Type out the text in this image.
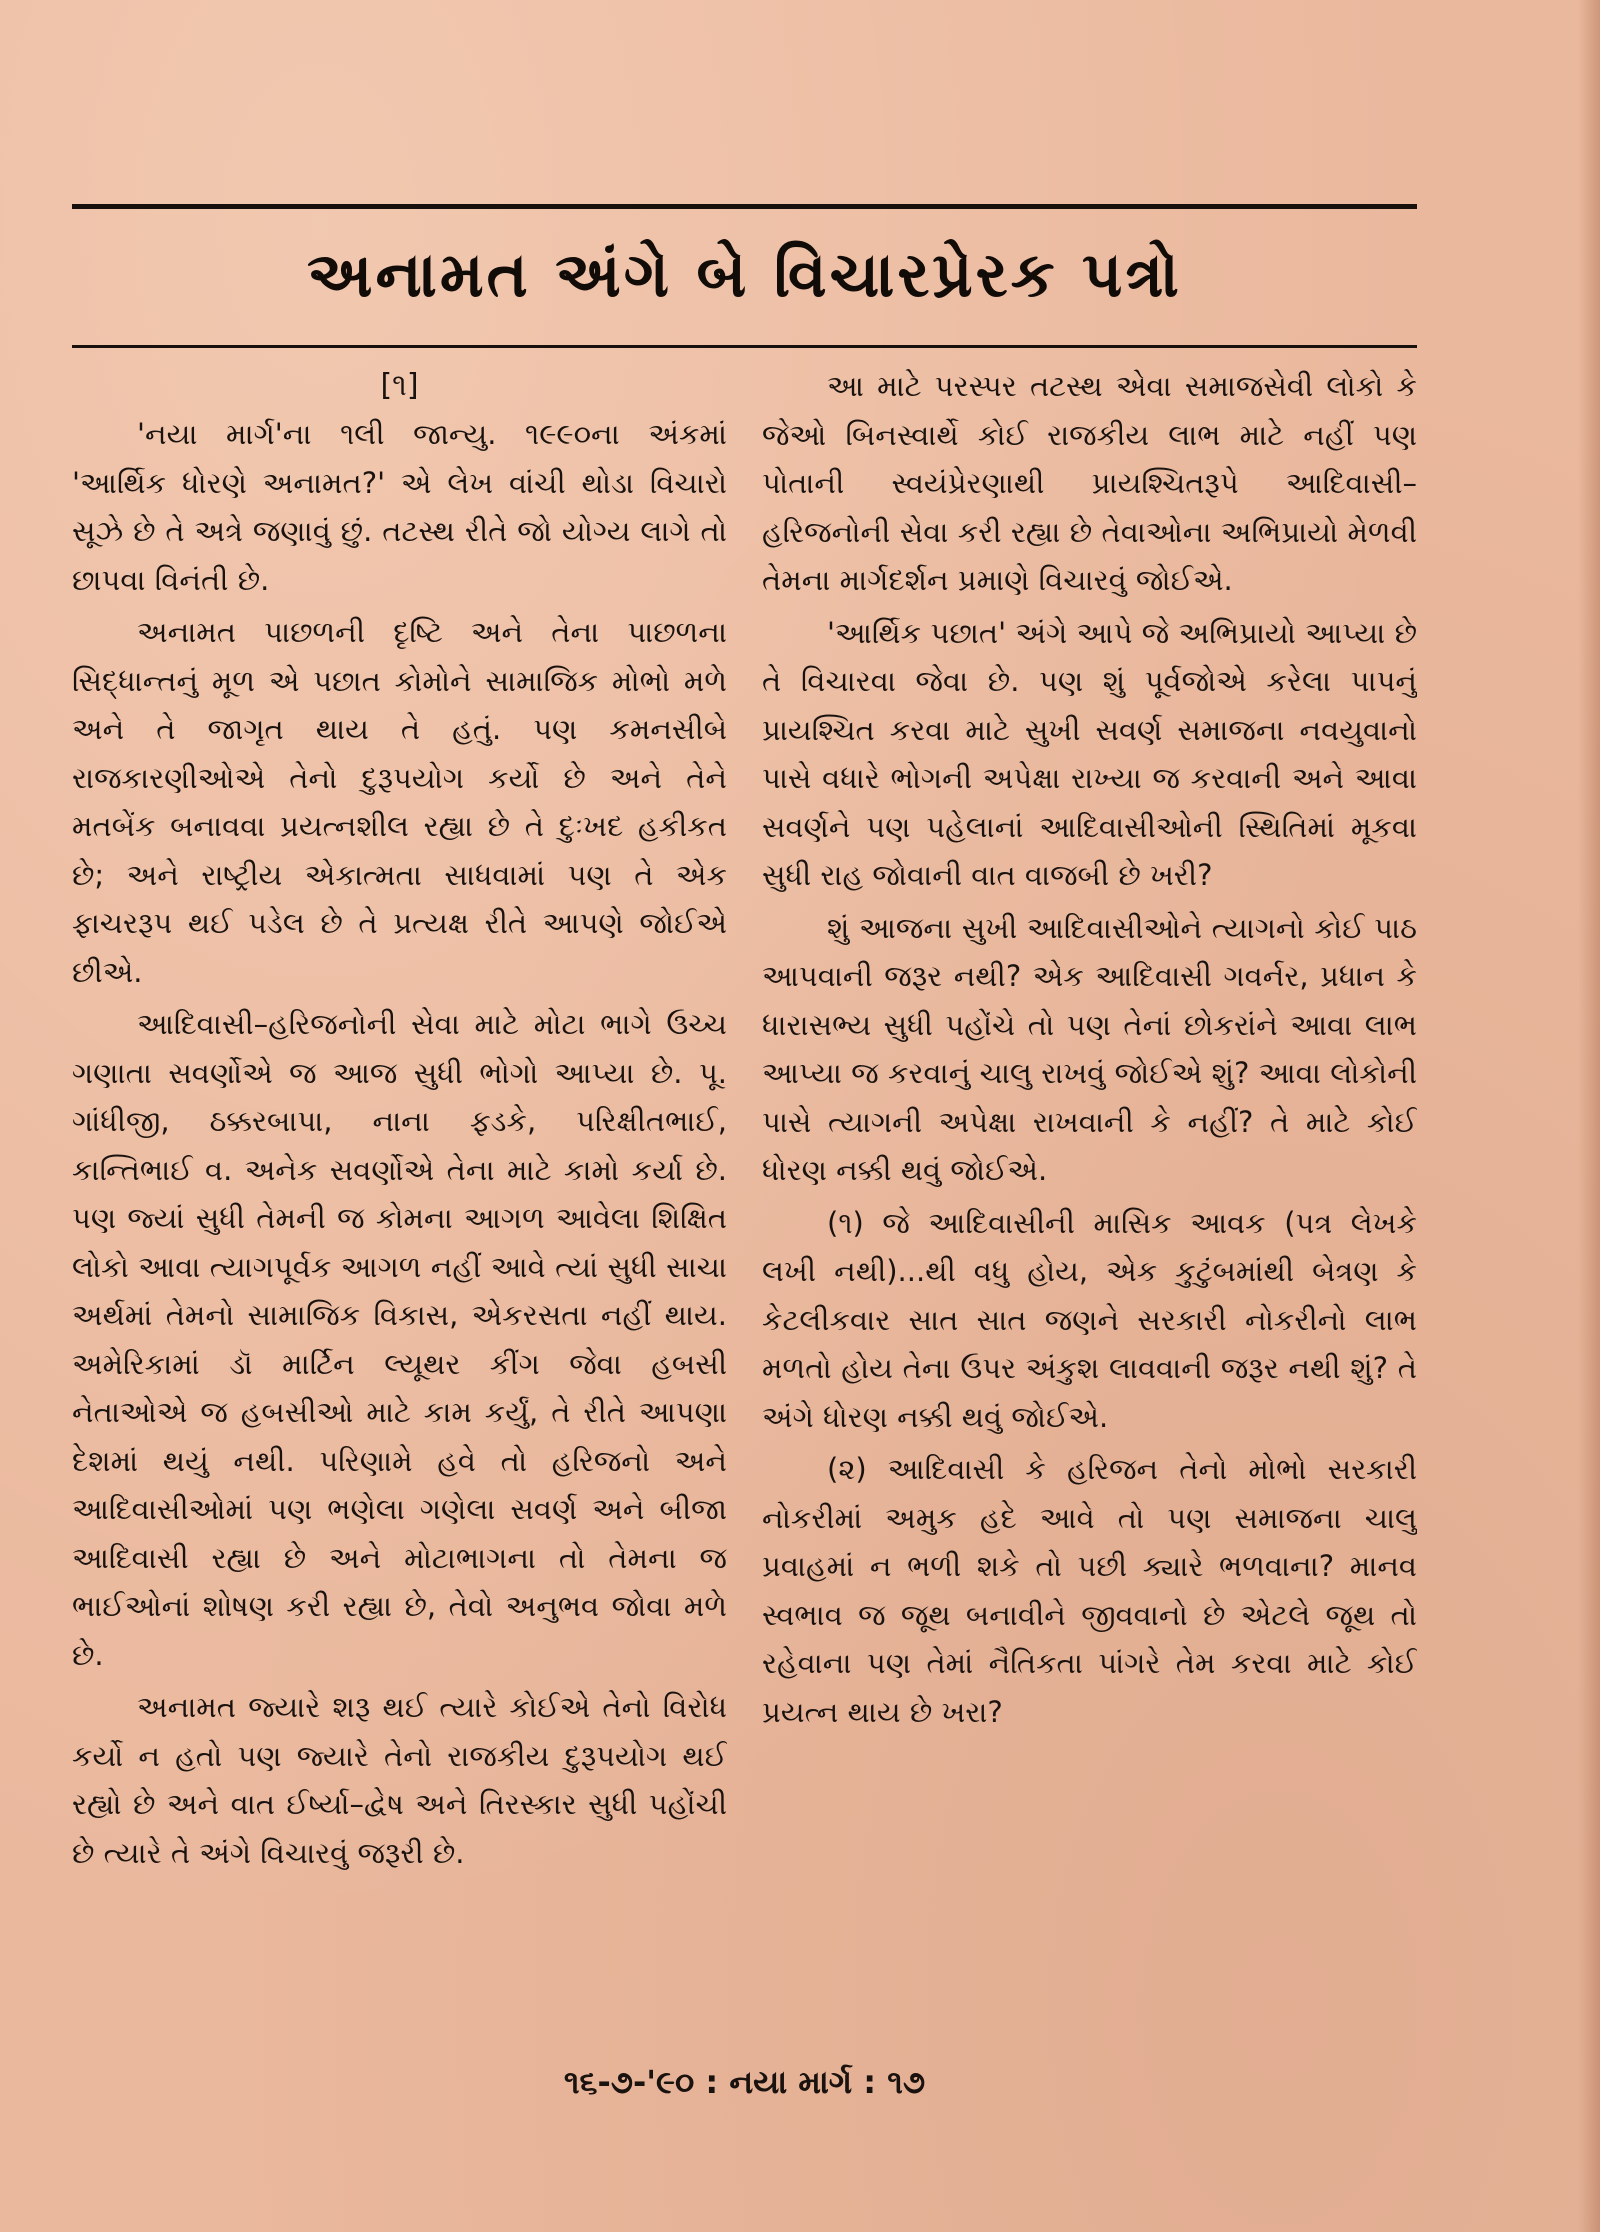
અનામત અંગે બે વિચારપ્રેરક પત્રો

[૧]

'નયા માર્ગ'ના ૧લી જાન્યુ. ૧૯૯૦ના અંકમાં 'આર્થિક ધોરણે અનામત?' એ લેખ વાંચી થોડા વિચારો સૂઝે છે તે અત્રે જણાવું છું. તટસ્થ રીતે જો યોગ્ય લાગે તો છાપવા વિનંતી છે.

અનામત પાછળની દૃષ્ટિ અને તેના પાછળના સિદ્ધાન્તનું મૂળ એ પછાત કોમોને સામાજિક મોભો મળે અને તે જાગૃત થાય તે હતું. પણ કમનસીબે રાજકારણીઓએ તેનો દુરૂપયોગ કર્યો છે અને તેને મતબેંક બનાવવા પ્રયત્નશીલ રહ્યા છે તે દુઃખદ હકીકત છે; અને રાષ્ટ્રીય એકાત્મતા સાધવામાં પણ તે એક ફાચરરૂપ થઈ પડેલ છે તે પ્રત્યક્ષ રીતે આપણે જોઈએ છીએ.

આદિવાસી–હરિજનોની સેવા માટે મોટા ભાગે ઉચ્ચ ગણાતા સવર્ણોએ જ આજ સુધી ભોગો આપ્યા છે. પૂ. ગાંધીજી, ઠક્કરબાપા, નાના ફડકે, પરિક્ષીતભાઈ, કાન્તિભાઈ વ. અનેક સવર્ણોએ તેના માટે કામો કર્યા છે. પણ જ્યાં સુધી તેમની જ કોમના આગળ આવેલા શિક્ષિત લોકો આવા ત્યાગપૂર્વક આગળ નહીં આવે ત્યાં સુધી સાચા અર્થમાં તેમનો સામાજિક વિકાસ, એકરસતા નહીં થાય. અમેરિકામાં ડૉ માર્ટિન લ્યૂથર કીંગ જેવા હબસી નેતાઓએ જ હબસીઓ માટે કામ કર્યું, તે રીતે આપણા દેશમાં થયું નથી. પરિણામે હવે તો હરિજનો અને આદિવાસીઓમાં પણ ભણેલા ગણેલા સવર્ણ અને બીજા આદિવાસી રહ્યા છે અને મોટાભાગના તો તેમના જ ભાઈઓનાં શોષણ કરી રહ્યા છે, તેવો અનુભવ જોવા મળે છે.

અનામત જ્યારે શરૂ થઈ ત્યારે કોઈએ તેનો વિરોધ કર્યો ન હતો પણ જ્યારે તેનો રાજકીય દુરૂપયોગ થઈ રહ્યો છે અને વાત ઈર્ષ્યા–દ્વેષ અને તિરસ્કાર સુધી પહોંચી છે ત્યારે તે અંગે વિચારવું જરૂરી છે.

આ માટે પરસ્પર તટસ્થ એવા સમાજસેવી લોકો કે જેઓ બિનસ્વાર્થે કોઈ રાજકીય લાભ માટે નહીં પણ પોતાની સ્વયંપ્રેરણાથી પ્રાયશ્ચિતરૂપે આદિવાસી–હરિજનોની સેવા કરી રહ્યા છે તેવાઓના અભિપ્રાયો મેળવી તેમના માર્ગદર્શન પ્રમાણે વિચારવું જોઈએ.

'આર્થિક પછાત' અંગે આપે જે અભિપ્રાયો આપ્યા છે તે વિચારવા જેવા છે. પણ શું પૂર્વજોએ કરેલા પાપનું પ્રાયશ્ચિત કરવા માટે સુખી સવર્ણ સમાજના નવયુવાનો પાસે વધારે ભોગની અપેક્ષા રાખ્યા જ કરવાની અને આવા સવર્ણને પણ પહેલાનાં આદિવાસીઓની સ્થિતિમાં મૂકવા સુધી રાહ જોવાની વાત વાજબી છે ખરી?

શું આજના સુખી આદિવાસીઓને ત્યાગનો કોઈ પાઠ આપવાની જરૂર નથી? એક આદિવાસી ગવર્નર, પ્રધાન કે ધારાસભ્ય સુધી પહોંચે તો પણ તેનાં છોકરાંને આવા લાભ આપ્યા જ કરવાનું ચાલુ રાખવું જોઈએ શું? આવા લોકોની પાસે ત્યાગની અપેક્ષા રાખવાની કે નહીં? તે માટે કોઈ ધોરણ નક્કી થવું જોઈએ.

(૧) જે આદિવાસીની માસિક આવક (પત્ર લેખકે લખી નથી)...થી વધુ હોય, એક કુટુંબમાંથી બેત્રણ કે કેટલીકવાર સાત સાત જણને સરકારી નોકરીનો લાભ મળતો હોય તેના ઉપર અંકુશ લાવવાની જરૂર નથી શું? તે અંગે ધોરણ નક્કી થવું જોઈએ.

(૨) આદિવાસી કે હરિજન તેનો મોભો સરકારી નોકરીમાં અમુક હદે આવે તો પણ સમાજના ચાલુ પ્રવાહમાં ન ભળી શકે તો પછી ક્યારે ભળવાના? માનવ સ્વભાવ જ જૂથ બનાવીને જીવવાનો છે એટલે જૂથ તો રહેવાના પણ તેમાં નૈતિકતા પાંગરે તેમ કરવા માટે કોઈ પ્રયત્ન થાય છે ખરા?

૧૬-૭-'૯૦ : નયા માર્ગ : ૧૭
